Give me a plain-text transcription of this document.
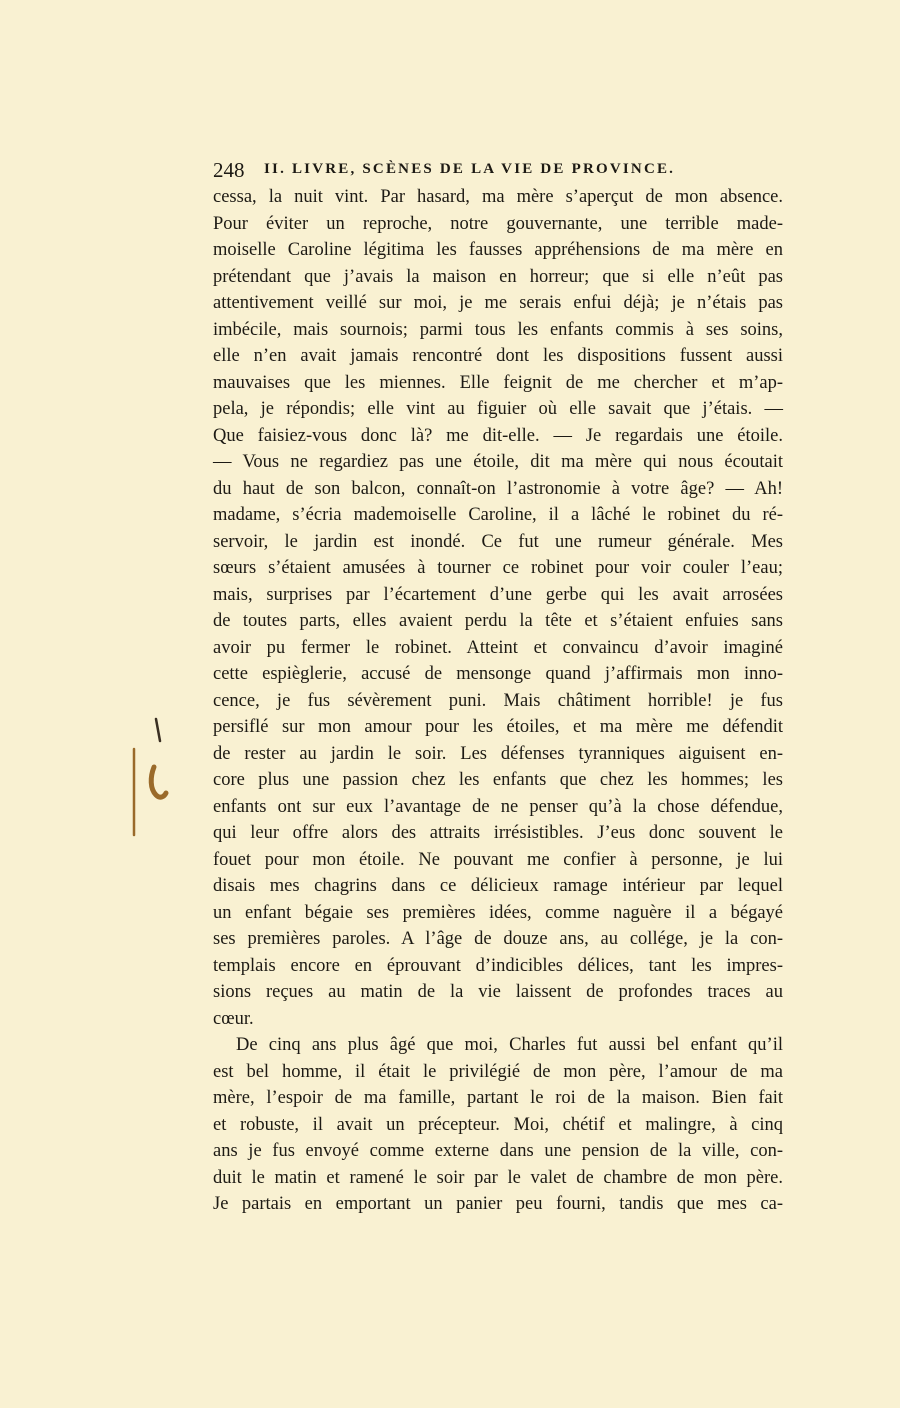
248 II. LIVRE, SCÈNES DE LA VIE DE PROVINCE.
cessa, la nuit vint. Par hasard, ma mère s’aperçut de mon absence.
Pour éviter un reproche, notre gouvernante, une terrible made-
moiselle Caroline légitima les fausses appréhensions de ma mère en
prétendant que j’avais la maison en horreur; que si elle n’eût pas
attentivement veillé sur moi, je me serais enfui déjà; je n’étais pas
imbécile, mais sournois; parmi tous les enfants commis à ses soins,
elle n’en avait jamais rencontré dont les dispositions fussent aussi
mauvaises que les miennes. Elle feignit de me chercher et m’ap-
pela, je répondis; elle vint au figuier où elle savait que j’étais. —
Que faisiez-vous donc là? me dit-elle. — Je regardais une étoile.
— Vous ne regardiez pas une étoile, dit ma mère qui nous écoutait
du haut de son balcon, connaît-on l’astronomie à votre âge? — Ah!
madame, s’écria mademoiselle Caroline, il a lâché le robinet du ré-
servoir, le jardin est inondé. Ce fut une rumeur générale. Mes
sœurs s’étaient amusées à tourner ce robinet pour voir couler l’eau;
mais, surprises par l’écartement d’une gerbe qui les avait arrosées
de toutes parts, elles avaient perdu la tête et s’étaient enfuies sans
avoir pu fermer le robinet. Atteint et convaincu d’avoir imaginé
cette espièglerie, accusé de mensonge quand j’affirmais mon inno-
cence, je fus sévèrement puni. Mais châtiment horrible! je fus
persiflé sur mon amour pour les étoiles, et ma mère me défendit
de rester au jardin le soir. Les défenses tyranniques aiguisent en-
core plus une passion chez les enfants que chez les hommes; les
enfants ont sur eux l’avantage de ne penser qu’à la chose défendue,
qui leur offre alors des attraits irrésistibles. J’eus donc souvent le
fouet pour mon étoile. Ne pouvant me confier à personne, je lui
disais mes chagrins dans ce délicieux ramage intérieur par lequel
un enfant bégaie ses premières idées, comme naguère il a bégayé
ses premières paroles. A l’âge de douze ans, au collége, je la con-
templais encore en éprouvant d’indicibles délices, tant les impres-
sions reçues au matin de la vie laissent de profondes traces au
cœur.
De cinq ans plus âgé que moi, Charles fut aussi bel enfant qu’il
est bel homme, il était le privilégié de mon père, l’amour de ma
mère, l’espoir de ma famille, partant le roi de la maison. Bien fait
et robuste, il avait un précepteur. Moi, chétif et malingre, à cinq
ans je fus envoyé comme externe dans une pension de la ville, con-
duit le matin et ramené le soir par le valet de chambre de mon père.
Je partais en emportant un panier peu fourni, tandis que mes ca-
